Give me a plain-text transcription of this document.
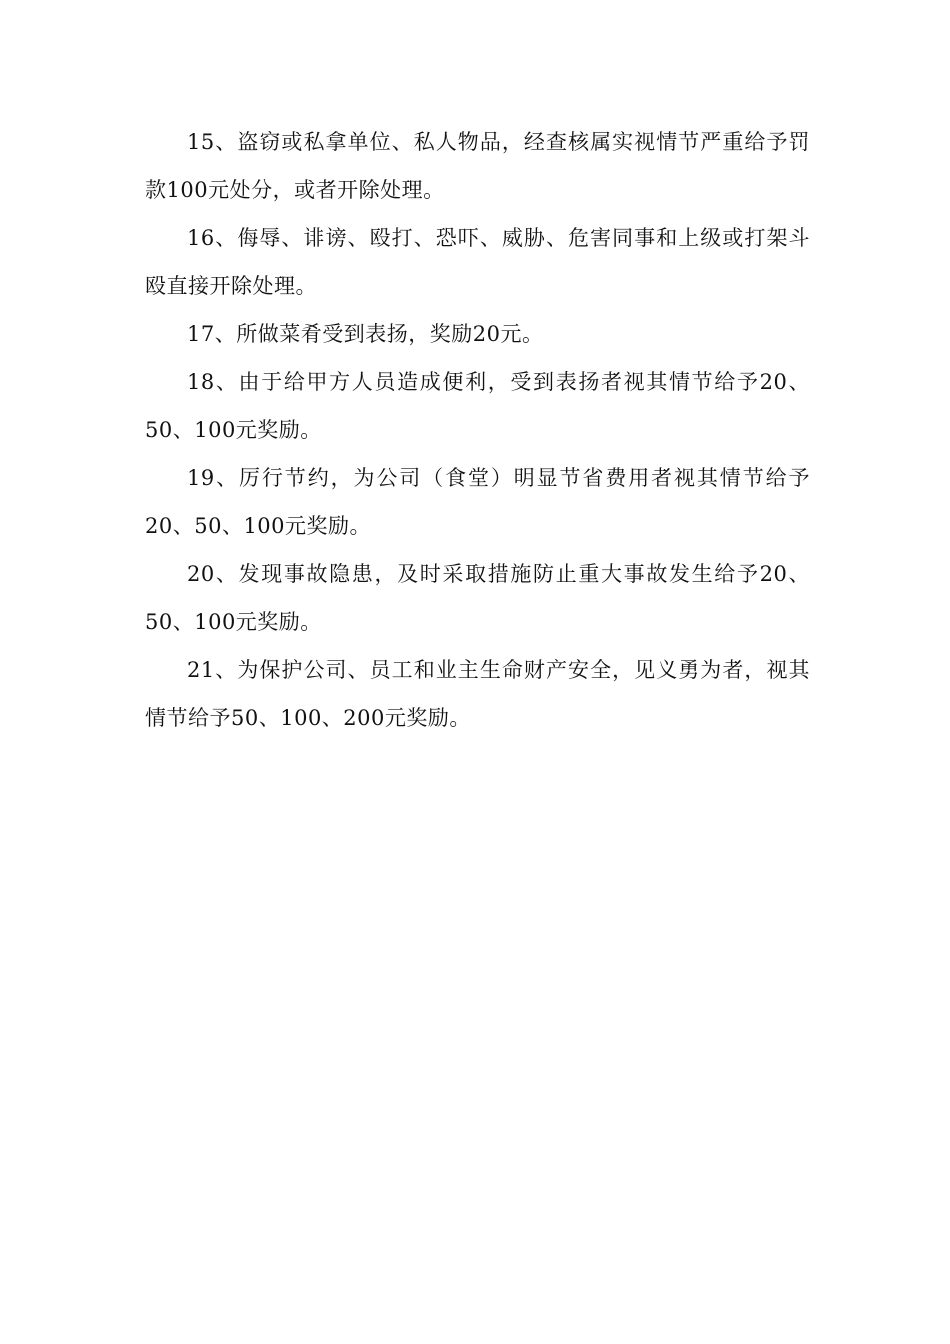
15、盗窃或私拿单位、私人物品，经查核属实视情节严重给予罚款100元处分，或者开除处理。

16、侮辱、诽谤、殴打、恐吓、威胁、危害同事和上级或打架斗殴直接开除处理。

17、所做菜肴受到表扬，奖励20元。

18、由于给甲方人员造成便利，受到表扬者视其情节给予20、50、100元奖励。

19、厉行节约，为公司（食堂）明显节省费用者视其情节给予20、50、100元奖励。

20、发现事故隐患，及时采取措施防止重大事故发生给予20、50、100元奖励。

21、为保护公司、员工和业主生命财产安全，见义勇为者，视其情节给予50、100、200元奖励。
